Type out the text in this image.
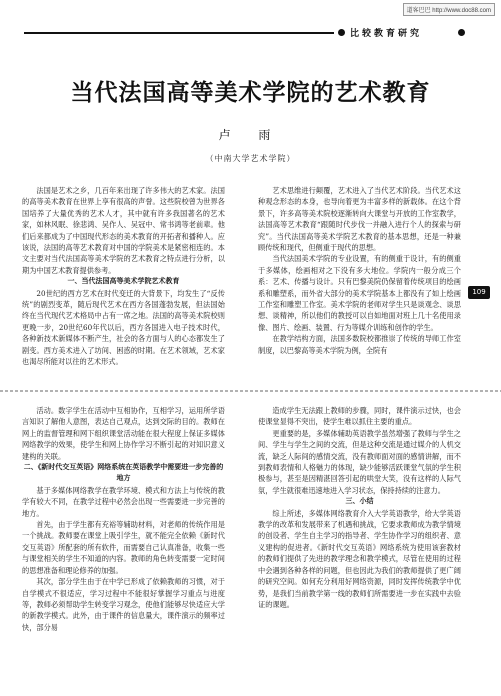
道客巴巴 http://www.doc88.com
比较教育研究
当代法国高等美术学院的艺术教育
卢 雨
（中南大学艺术学院）

法国是艺术之乡，几百年来出现了许多伟大的艺术家。法国的高等美术教育在世界上享有很高的声誉。这些院校曾为世界各国培养了大量优秀的艺术人才，其中就有许多我国著名的艺术家，如林风眠、徐悲鸿、吴作人、吴冠中、常书鸿等老前辈。他们后来都成为了中国现代形态的美术教育的开拓者和播种人。应该说，法国的高等艺术教育对中国的学院美术是紧密相连的。本文主要对当代法国高等美术学院的艺术教育之特点进行分析，以期为中国艺术教育提供参考。

一、当代法国高等美术学院艺术教育

20世纪的西方艺术在时代变迁的大背景下，均发生了“反传统”的剧烈变革，随后现代艺术在西方各国蓬勃发展，但法国始终在当代现代艺术格局中占有一席之地。法国的高等美术院校则更晚一步，20世纪60年代以后，西方各国进入电子技术时代，各种新技术新媒体不断产生，社会的各方面与人的心态都发生了剧变。西方美术进入了坊间、困惑的时期。在艺术领域，艺术家也渴尽所能对以往的艺术形式。

艺术思维进行颠覆，艺术进入了当代艺术阶段。当代艺术这种观念形态的本身，也导向着更为丰富多样的新载体。在这个背景下，许多高等美术院校逐渐转向大课堂与开放的工作室教学，法国高等艺术教育“跟随时代步伐一并融入进行个人的探索与研究”。当代法国高等美术学院艺术教育的基本思想，还是一种兼顾传统和现代，但侧重于现代的思想。

当代法国美术学院的专业设置，有的侧重于设计，有的侧重于多媒体，绘画相对之下没有多大地位。学院内一般分成三个系：艺术、传播与设计。只有巴黎美院仍保留着传统项目的绘画系和雕塑系，而外省大部分的美术学院基本上都没有了如上绘画工作室和雕塑工作室。美术学院的老师对学生只是谈观念、谈思想、谈精神，所以他们的教授可以自如地面对班上几十名使用录像、图片、绘画、装置、行为等媒介训练和创作的学生。

在教学结构方面，法国多数院校都推崇了传统的导师工作室制度，以巴黎高等美术学院为例，全院有

109

活动。数字学生在活动中互相协作，互相学习，运用所学语言知识了解他人意图，表达自己观点，达到交际的目的。教师在网上的监督管理和网下组织课堂活动能在很大程度上保证多媒体网络教学的效果，使学生和网上协作学习不断引起的对知识意义建构的关联。

二、《新时代交互英语》网络系统在英语教学中需要进一步完善的地方

基于多媒体网络教学在教学环境、模式和方法上与传统的教学有较大不同，在教学过程中必然会出现一些需要进一步完善的地方。

首先，由于学生都有充裕等辅助材料，对老师的传统作用是一个挑战。教师要在课堂上吸引学生，就不能完全依赖《新时代交互英语》所配套的所有软件，而需要自己认真准备，收集一些与课堂相关的学生不知道的内容。教师的角色转变需要一定时间的思想准备和理论修养的加强。

其次，部分学生由于在中学已形成了依赖教师的习惯，对于自学模式不很适应，学习过程中不能很好掌握学习重点与进度等，教师必须帮助学生转变学习观念，使他们能够尽快适应大学的新教学模式。此外，由于课件的信息量大，课件演示的频率过快，部分易

造成学生无法跟上教师的步骤，同时，课件演示过快，也会使课堂显得不突出，使学生难以抓住主要的重点。

更重要的是，多媒体辅助英语教学虽然增强了教师与学生之间、学生与学生之间的交流，但是这种交流是通过媒介的人机交流，缺乏人际间的感情交流，没有教师面对面的感情讲解，而不到教师表情和人格魅力的体现，缺少能够活跃课堂气氛的学生积极参与，甚至是因精湛回答引起的哄堂大笑，没有这样的人际气氛，学生就很难迅速地进入学习状态，保持持续的注意力。

三、小结

综上所述，多媒体网络教育介入大学英语教学，给大学英语教学的改革和发展带来了机遇和挑战，它要求教师成为教学情境的创设者、学生自主学习的指导者、学生协作学习的组织者、意义建构的促进者。《新时代交互英语》网络系统为使用该套教材的教师们提供了先进的教学理念和教学模式，尽管在使用的过程中会遇到各种各样的问题，但也因此为我们的教师提供了更广阔的研究空间。如何充分利用好网络资源，同时发挥传统教学中优势，是我们当前教学第一线的教师们所需要进一步在实践中去验证的课题。
